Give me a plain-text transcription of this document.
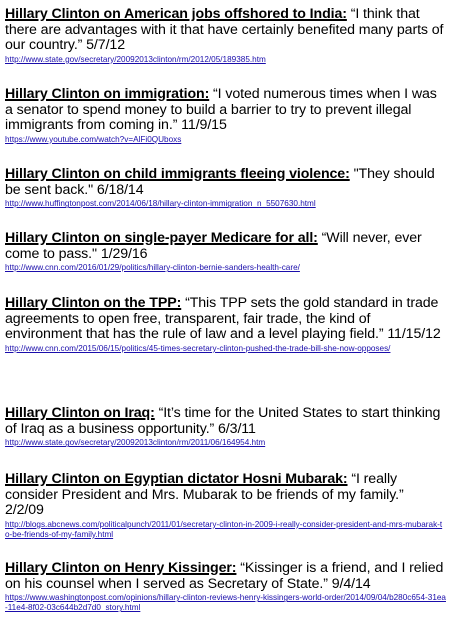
Hillary Clinton on American jobs offshored to India: “I think that there are advantages with it that have certainly benefited many parts of our country.” 5/7/12

http://www.state.gov/secretary/20092013clinton/rm/2012/05/189385.htm

Hillary Clinton on immigration: “I voted numerous times when I was a senator to spend money to build a barrier to try to prevent illegal immigrants from coming in.” 11/9/15

https://www.youtube.com/watch?v=AlFi0QUboxs

Hillary Clinton on child immigrants fleeing violence: "They should be sent back." 6/18/14

http://www.huffingtonpost.com/2014/06/18/hillary-clinton-immigration_n_5507630.html

Hillary Clinton on single-payer Medicare for all: “Will never, ever come to pass." 1/29/16

http://www.cnn.com/2016/01/29/politics/hillary-clinton-bernie-sanders-health-care/

Hillary Clinton on the TPP: “This TPP sets the gold standard in trade agreements to open free, transparent, fair trade, the kind of environment that has the rule of law and a level playing field.” 11/15/12

http://www.cnn.com/2015/06/15/politics/45-times-secretary-clinton-pushed-the-trade-bill-she-now-opposes/

Hillary Clinton on Iraq: “It’s time for the United States to start thinking of Iraq as a business opportunity.” 6/3/11

http://www.state.gov/secretary/20092013clinton/rm/2011/06/164954.htm

Hillary Clinton on Egyptian dictator Hosni Mubarak: “I really consider President and Mrs. Mubarak to be friends of my family.” 2/2/09

http://blogs.abcnews.com/politicalpunch/2011/01/secretary-clinton-in-2009-i-really-consider-president-and-mrs-mubarak-to-be-friends-of-my-family.html

Hillary Clinton on Henry Kissinger: “Kissinger is a friend, and I relied on his counsel when I served as Secretary of State.” 9/4/14

https://www.washingtonpost.com/opinions/hillary-clinton-reviews-henry-kissingers-world-order/2014/09/04/b280c654-31ea-11e4-8f02-03c644b2d7d0_story.html
